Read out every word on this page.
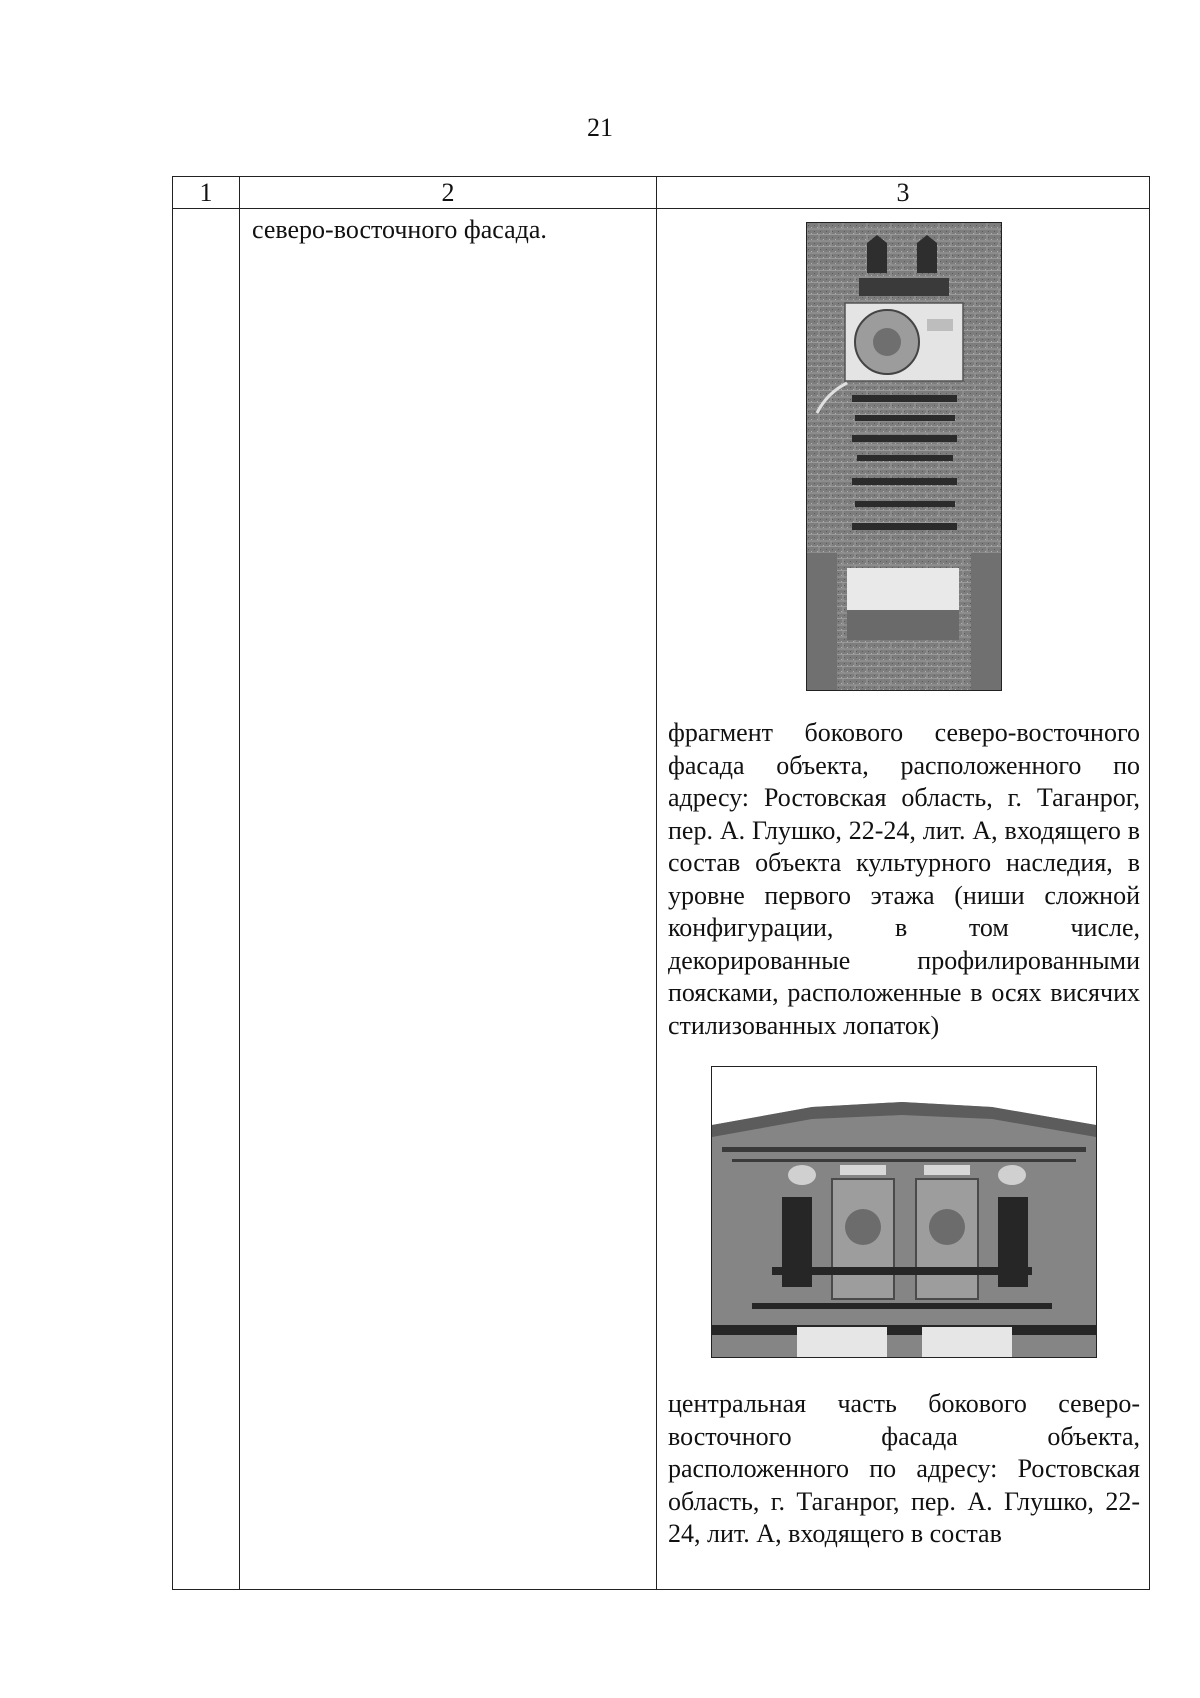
21
1	2	3

	северо-восточного фасада.	фрагмент бокового северо-восточного фасада объекта, расположенного по адресу: Ростовская область, г. Таганрог, пер. А. Глушко, 22-24, лит. А, входящего в состав объекта культурного наследия, в уровне первого этажа (ниши сложной конфигурации, в том числе, декорированные профилированными поясками, расположенные в осях висячих стилизованных лопаток)

центральная часть бокового северо-восточного фасада объекта, расположенного по адресу: Ростовская область, г. Таганрог, пер. А. Глушко, 22-24, лит. А, входящего в состав
